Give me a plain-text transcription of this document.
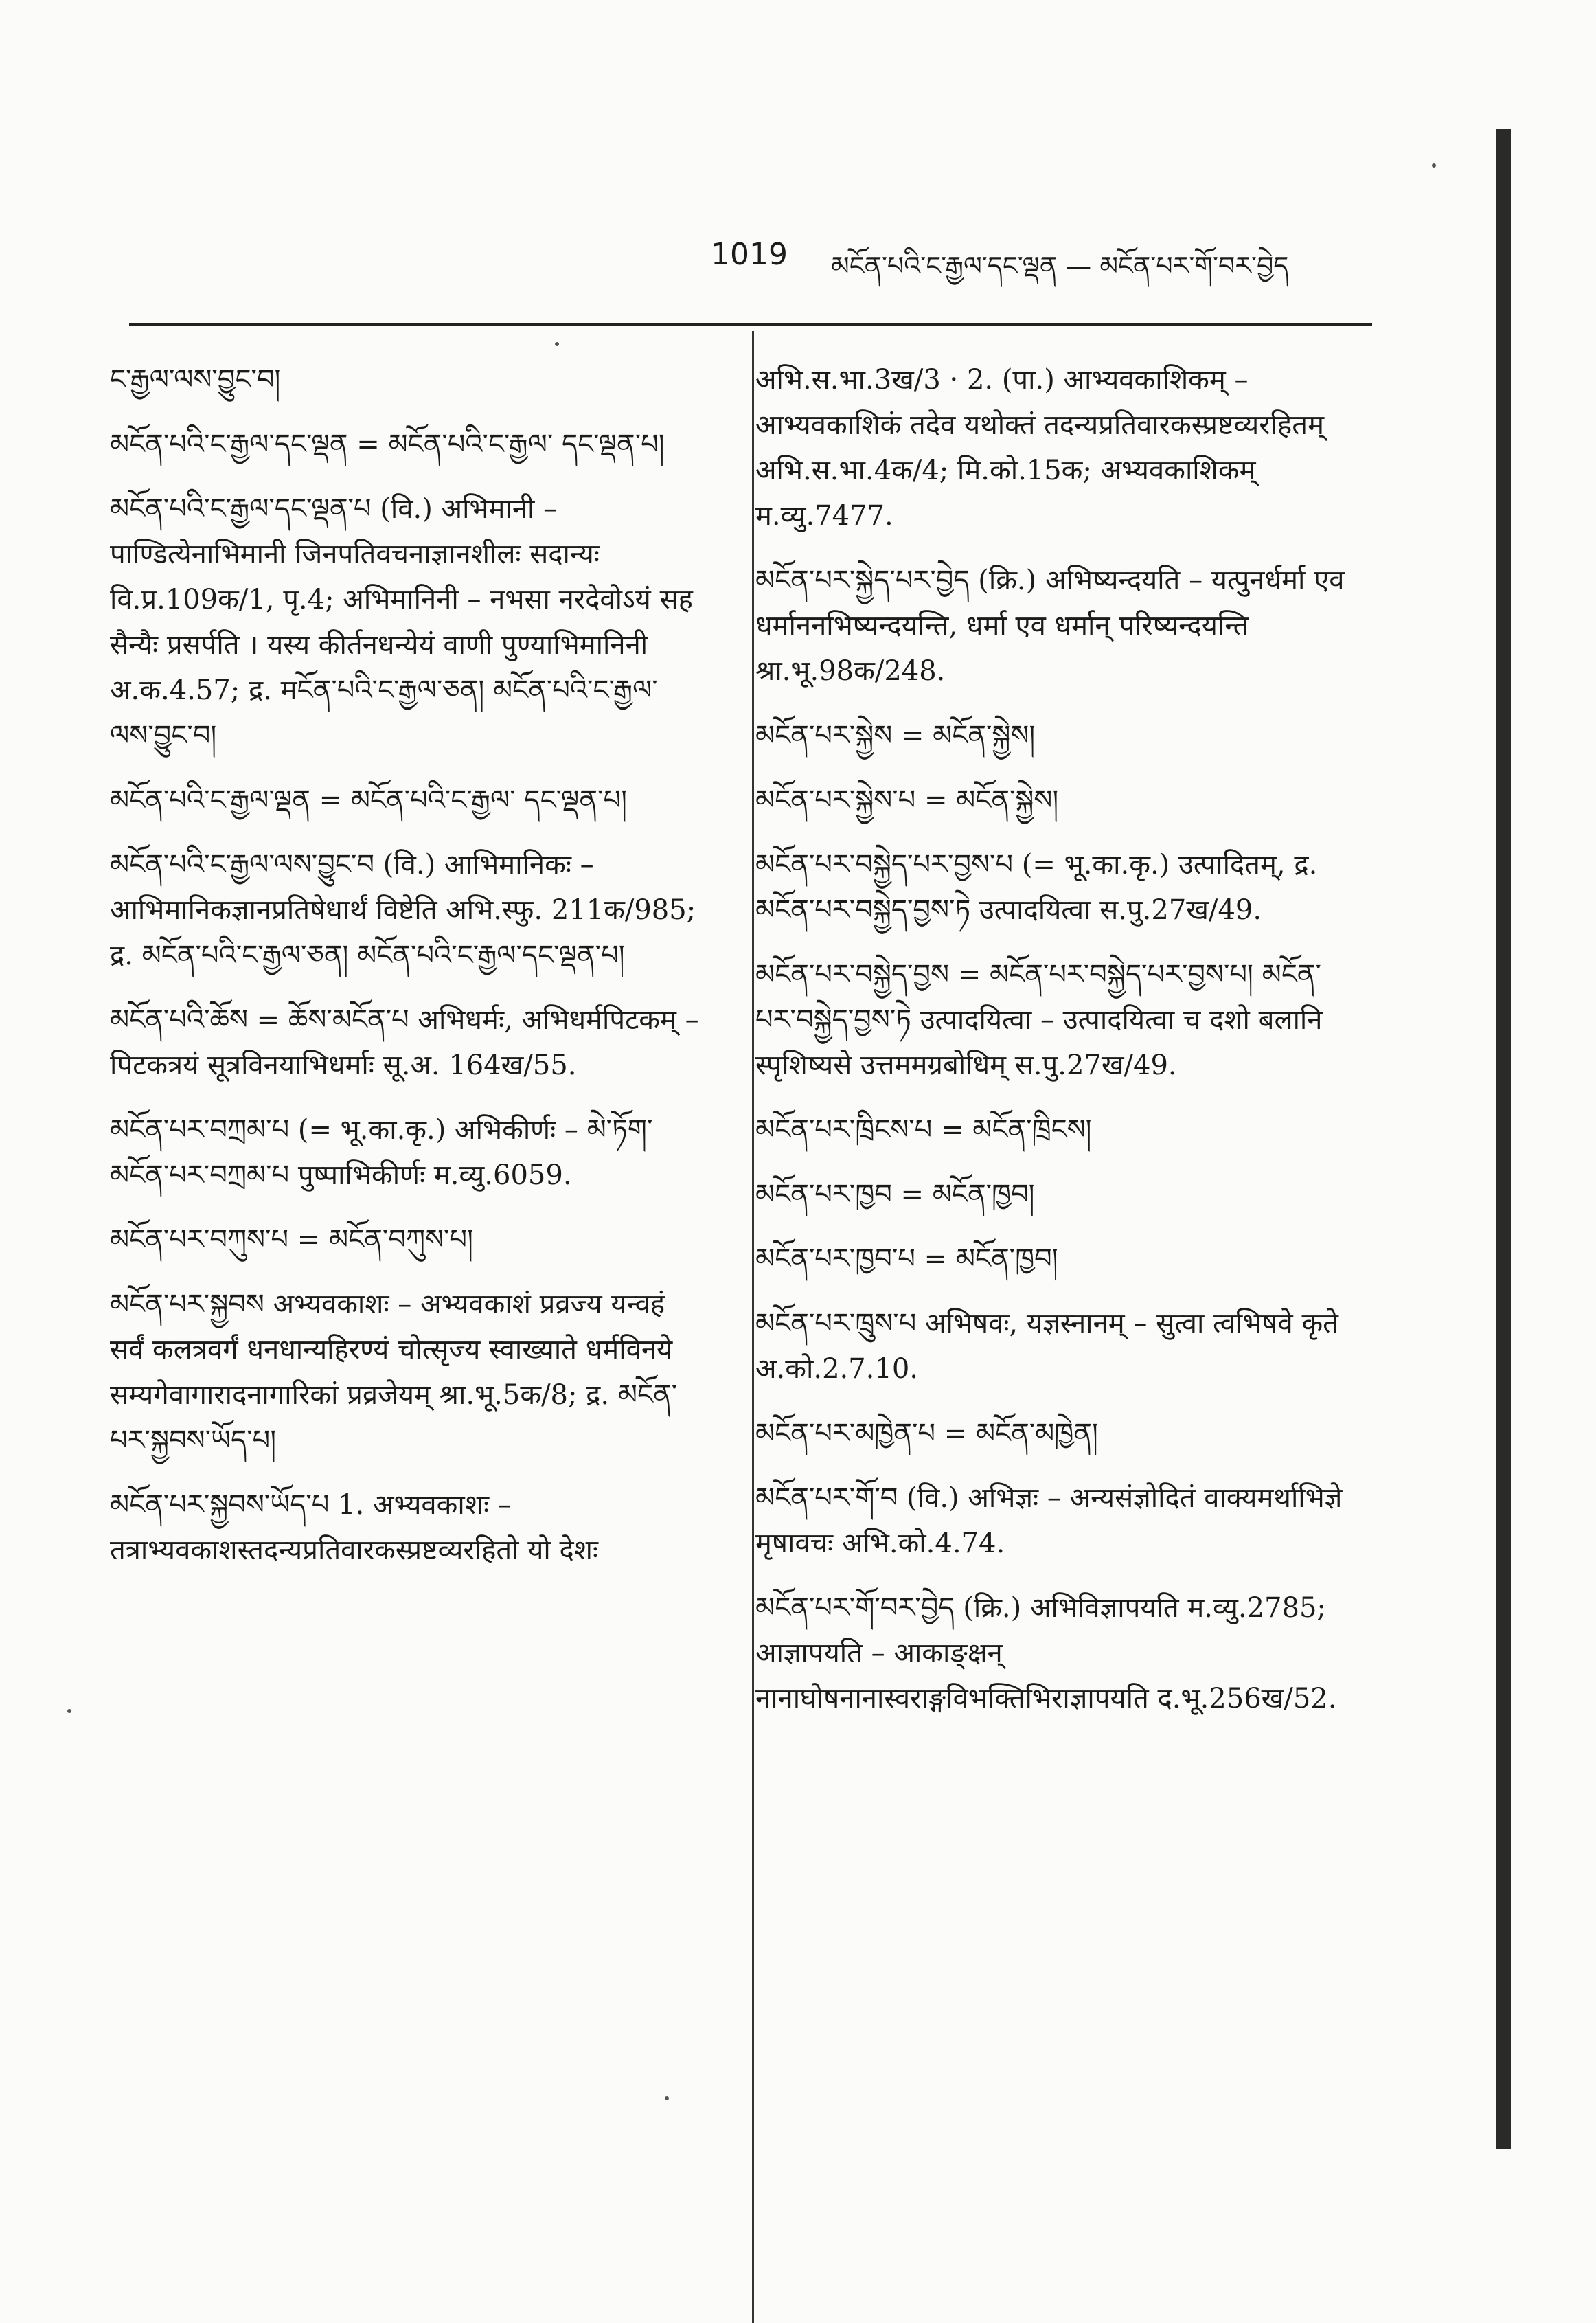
1019 མངོན་པའི་ང་རྒྱལ་དང་ལྡན — མངོན་པར་གོ་བར་བྱེད
ང་རྒྱལ་ལས་བྱུང་བ།
མངོན་པའི་ང་རྒྱལ་དང་ལྡན = མངོན་པའི་ང་རྒྱལ་ དང་ལྡན་པ།
མངོན་པའི་ང་རྒྱལ་དང་ལྡན་པ (वि.) अभिमानी – पाण्डित्येनाभिमानी जिनपतिवचनाज्ञानशीलः सदान्यः वि.प्र.109क/1, पृ.4; अभिमानिनी – नभसा नरदेवोऽयं सह सैन्यैः प्रसर्पति । यस्य कीर्तनधन्येयं वाणी पुण्याभिमानिनी अ.क.4.57; द्र. मངོན་པའི་ང་རྒྱལ་ཅན། མངོན་པའི་ང་རྒྱལ་ལས་བྱུང་བ།
མངོན་པའི་ང་རྒྱལ་ལྡན = མངོན་པའི་ང་རྒྱལ་ དང་ལྡན་པ།
མངོན་པའི་ང་རྒྱལ་ལས་བྱུང་བ (वि.) आभिमानिकः – आभिमानिकज्ञानप्रतिषेधार्थं विष्टेति अभि.स्फु. 211क/985; द्र. མངོན་པའི་ང་རྒྱལ་ཅན། མངོན་པའི་ང་རྒྱལ་དང་ལྡན་པ།
མངོན་པའི་ཆོས = ཆོས་མངོན་པ अभिधर्मः, अभिधर्मपिटकम् – पिटकत्रयं सूत्रविनयाभिधर्माः सू.अ. 164ख/55.
མངོན་པར་བཀྲམ་པ (= भू.का.कृ.) अभिकीर्णः – མེ་ཏོག་མངོན་པར་བཀྲམ་པ पुष्पाभिकीर्णः म.व्यु.6059.
མངོན་པར་བཀུས་པ = མངོན་བཀུས་པ།
མངོན་པར་སྐྱབས अभ्यवकाशः – अभ्यवकाशं प्रव्रज्य यन्वहं सर्वं कलत्रवर्गं धनधान्यहिरण्यं चोत्सृज्य स्वाख्याते धर्मविनये सम्यगेवागारादनागारिकां प्रव्रजेयम् श्रा.भू.5क/8; द्र. མངོན་པར་སྐྱབས་ཡོད་པ།
མངོན་པར་སྐྱབས་ཡོད་པ 1. अभ्यवकाशः – तत्राभ्यवकाशस्तदन्यप्रतिवारकस्प्रष्टव्यरहितो यो देशः
अभि.स.भा.3ख/3 · 2. (पा.) आभ्यवकाशिकम् – आभ्यवकाशिकं तदेव यथोक्तं तदन्यप्रतिवारकस्प्रष्टव्यरहितम् अभि.स.भा.4क/4; मि.को.15क; अभ्यवकाशिकम् म.व्यु.7477.
མངོན་པར་སྐྱེད་པར་བྱེད (क्रि.) अभिष्यन्दयति – यत्पुनर्धर्मा एव धर्माननभिष्यन्दयन्ति, धर्मा एव धर्मान् परिष्यन्दयन्ति श्रा.भू.98क/248.
མངོན་པར་སྐྱེས = མངོན་སྐྱེས།
མངོན་པར་སྐྱེས་པ = མངོན་སྐྱེས།
མངོན་པར་བསྐྱེད་པར་བྱས་པ (= भू.का.कृ.) उत्पादितम्, द्र. མངོན་པར་བསྐྱེད་བྱས་ཏེ उत्पादयित्वा स.पु.27ख/49.
མངོན་པར་བསྐྱེད་བྱས = མངོན་པར་བསྐྱེད་པར་བྱས་པ། མངོན་པར་བསྐྱེད་བྱས་ཏེ उत्पादयित्वा – उत्पादयित्वा च दशो बलानि स्पृशिष्यसे उत्तममग्रबोधिम् स.पु.27ख/49.
མངོན་པར་ཁྲིངས་པ = མངོན་ཁྲིངས།
མངོན་པར་ཁྱབ = མངོན་ཁྱབ།
མངོན་པར་ཁྱབ་པ = མངོན་ཁྱབ།
མངོན་པར་ཁྲུས་པ अभिषवः, यज्ञस्नानम् – सुत्वा त्वभिषवे कृते अ.को.2.7.10.
མངོན་པར་མཁྱེན་པ = མངོན་མཁྱེན།
མངོན་པར་གོ་བ (वि.) अभिज्ञः – अन्यसंज्ञोदितं वाक्यमर्थाभिज्ञे मृषावचः अभि.को.4.74.
མངོན་པར་གོ་བར་བྱེད (क्रि.) अभिविज्ञापयति म.व्यु.2785; आज्ञापयति – आकाङ्क्षन् नानाघोषनानास्वराङ्गविभक्तिभिराज्ञापयति द.भू.256ख/52.
